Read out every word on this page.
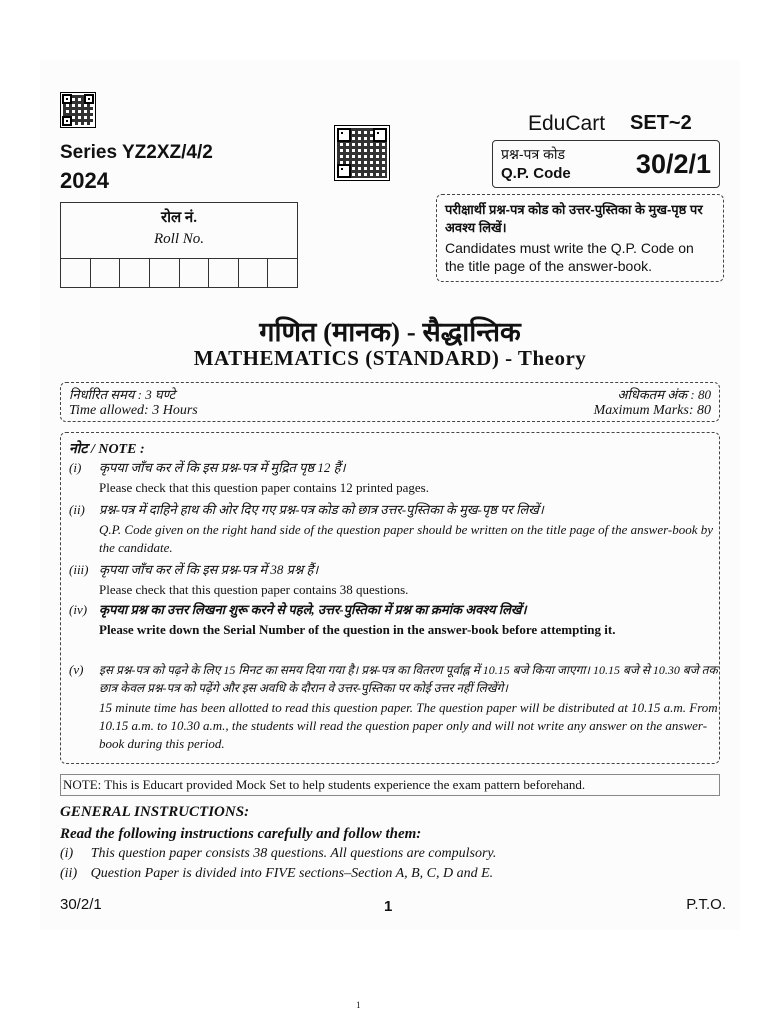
EduCart SET~2
Series YZ2XZ/4/2
2024
प्रश्न-पत्र कोड
Q.P. Code 30/2/1
रोल नं.
Roll No.
परीक्षार्थी प्रश्न-पत्र कोड को उत्तर-पुस्तिका के मुख-पृष्ठ पर अवश्य लिखें।
Candidates must write the Q.P. Code on the title page of the answer-book.
गणित (मानक) - सैद्धान्तिक
MATHEMATICS (STANDARD) - Theory
निर्धारित समय : 3 घण्टे
Time allowed: 3 Hours
अधिकतम अंक : 80
Maximum Marks: 80
नोट / NOTE :
(i) कृपया जाँच कर लें कि इस प्रश्न-पत्र में मुद्रित पृष्ठ 12 हैं।
Please check that this question paper contains 12 printed pages.
(ii) प्रश्न-पत्र में दाहिने हाथ की ओर दिए गए प्रश्न-पत्र कोड को छात्र उत्तर-पुस्तिका के मुख-पृष्ठ पर लिखें।
Q.P. Code given on the right hand side of the question paper should be written on the title page of the answer-book by the candidate.
(iii) कृपया जाँच कर लें कि इस प्रश्न-पत्र में 38 प्रश्न हैं।
Please check that this question paper contains 38 questions.
(iv) कृपया प्रश्न का उत्तर लिखना शुरू करने से पहले, उत्तर-पुस्तिका में प्रश्न का क्रमांक अवश्य लिखें।
Please write down the Serial Number of the question in the answer-book before attempting it.
(v) इस प्रश्न-पत्र को पढ़ने के लिए 15 मिनट का समय दिया गया है। प्रश्न-पत्र का वितरण पूर्वाह्न में 10.15 बजे किया जाएगा। 10.15 बजे से 10.30 बजे तक छात्र केवल प्रश्न-पत्र को पढ़ेंगे और इस अवधि के दौरान वे उत्तर-पुस्तिका पर कोई उत्तर नहीं लिखेंगे।
15 minute time has been allotted to read this question paper. The question paper will be distributed at 10.15 a.m. From 10.15 a.m. to 10.30 a.m., the students will read the question paper only and will not write any answer on the answer-book during this period.
NOTE: This is Educart provided Mock Set to help students experience the exam pattern beforehand.
GENERAL INSTRUCTIONS:
Read the following instructions carefully and follow them:
(i) This question paper consists 38 questions. All questions are compulsory.
(ii) Question Paper is divided into FIVE sections–Section A, B, C, D and E.
30/2/1	1	P.T.O.
1
